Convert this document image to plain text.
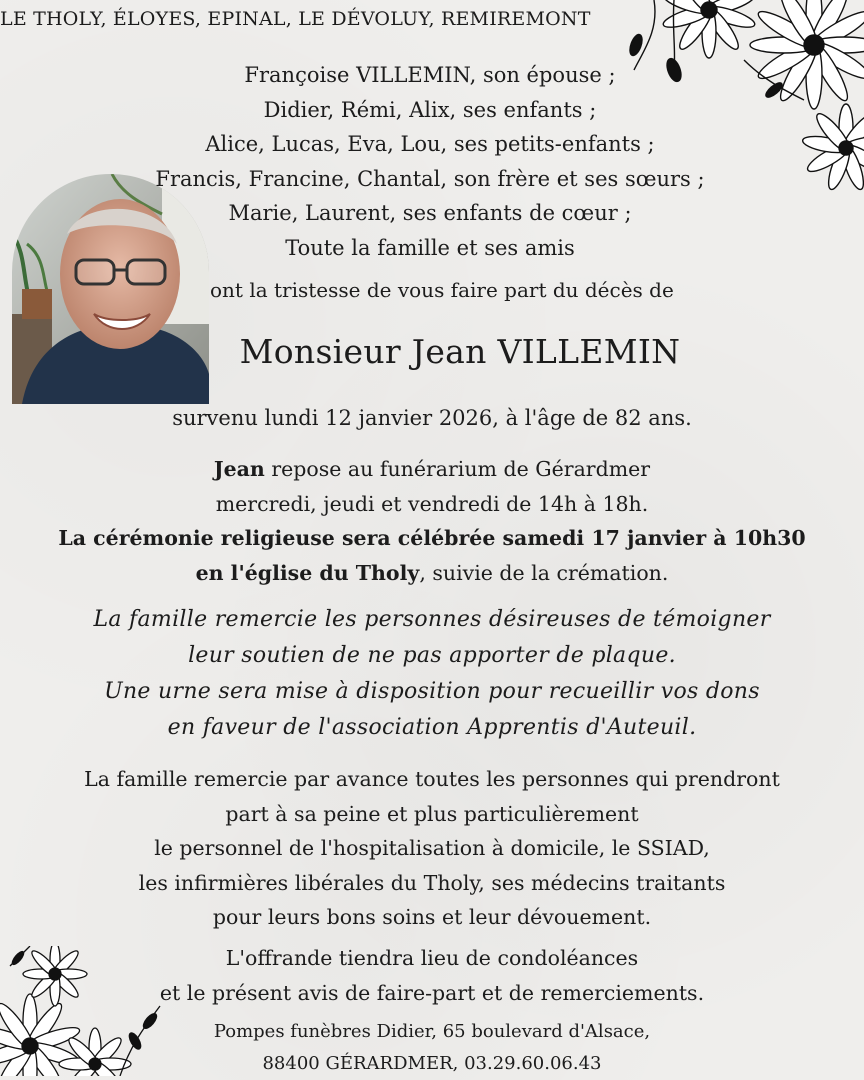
LE THOLY, ÉLOYES, EPINAL, LE DÉVOLUY, REMIREMONT
Françoise VILLEMIN, son épouse ;
Didier, Rémi, Alix, ses enfants ;
Alice, Lucas, Eva, Lou, ses petits-enfants ;
Francis, Francine, Chantal, son frère et ses sœurs ;
Marie, Laurent, ses enfants de cœur ;
Toute la famille et ses amis
ont la tristesse de vous faire part du décès de
Monsieur Jean VILLEMIN
survenu lundi 12 janvier 2026, à l'âge de 82 ans.
Jean repose au funérarium de Gérardmer
mercredi, jeudi et vendredi de 14h à 18h.
La cérémonie religieuse sera célébrée samedi 17 janvier à 10h30
en l'église du Tholy, suivie de la crémation.
La famille remercie les personnes désireuses de témoigner
leur soutien de ne pas apporter de plaque.
Une urne sera mise à disposition pour recueillir vos dons
en faveur de l'association Apprentis d'Auteuil.
La famille remercie par avance toutes les personnes qui prendront
part à sa peine et plus particulièrement
le personnel de l'hospitalisation à domicile, le SSIAD,
les infirmières libérales du Tholy, ses médecins traitants
pour leurs bons soins et leur dévouement.
L'offrande tiendra lieu de condoléances
et le présent avis de faire-part et de remerciements.
Pompes funèbres Didier, 65 boulevard d'Alsace,
88400 GÉRARDMER, 03.29.60.06.43
